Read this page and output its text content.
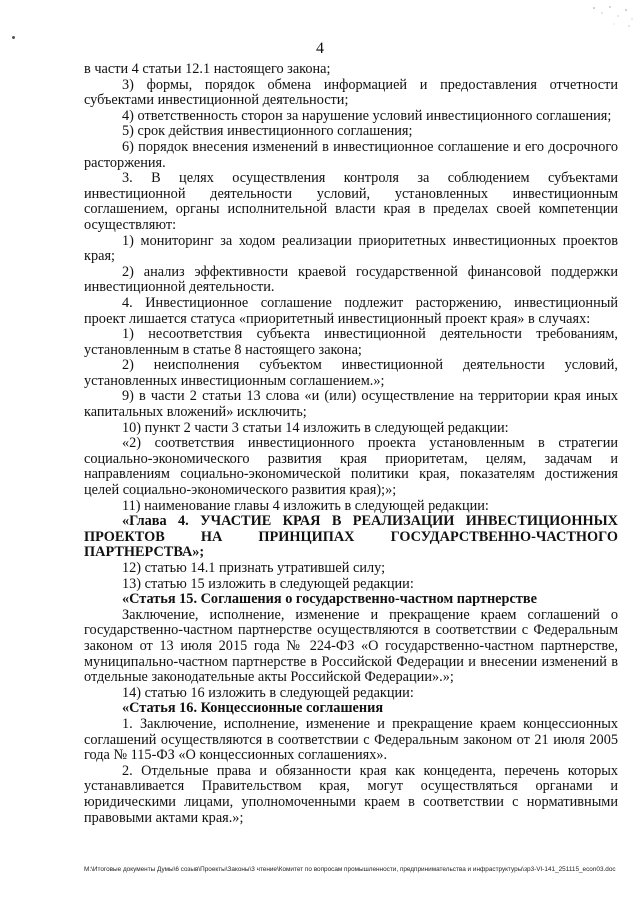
4

в части 4 статьи 12.1 настоящего закона;

3) формы, порядок обмена информацией и предоставления отчетности субъектами инвестиционной деятельности;

4) ответственность сторон за нарушение условий инвестиционного соглашения;

5) срок действия инвестиционного соглашения;

6) порядок внесения изменений в инвестиционное соглашение и его досрочного расторжения.

3. В целях осуществления контроля за соблюдением субъектами инвестиционной деятельности условий, установленных инвестиционным соглашением, органы исполнительной власти края в пределах своей компетенции осуществляют:

1) мониторинг за ходом реализации приоритетных инвестиционных проектов края;

2) анализ эффективности краевой государственной финансовой поддержки инвестиционной деятельности.

4. Инвестиционное соглашение подлежит расторжению, инвестиционный проект лишается статуса «приоритетный инвестиционный проект края» в случаях:

1) несоответствия субъекта инвестиционной деятельности требованиям, установленным в статье 8 настоящего закона;

2) неисполнения субъектом инвестиционной деятельности условий, установленных инвестиционным соглашением.»;

9) в части 2 статьи 13 слова «и (или) осуществление на территории края иных капитальных вложений» исключить;

10) пункт 2 части 3 статьи 14 изложить в следующей редакции:

«2) соответствия инвестиционного проекта установленным в стратегии социально-экономического развития края приоритетам, целям, задачам и направлениям социально-экономической политики края, показателям достижения целей социально-экономического развития края);»;

11) наименование главы 4 изложить в следующей редакции:

«Глава 4. УЧАСТИЕ КРАЯ В РЕАЛИЗАЦИИ ИНВЕСТИЦИОННЫХ ПРОЕКТОВ НА ПРИНЦИПАХ ГОСУДАРСТВЕННО-ЧАСТНОГО ПАРТНЕРСТВА»;

12) статью 14.1 признать утратившей силу;

13) статью 15 изложить в следующей редакции:

«Статья 15. Соглашения о государственно-частном партнерстве

Заключение, исполнение, изменение и прекращение краем соглашений о государственно-частном партнерстве осуществляются в соответствии с Федеральным законом от 13 июля 2015 года № 224-ФЗ «О государственно-частном партнерстве, муниципально-частном партнерстве в Российской Федерации и внесении изменений в отдельные законодательные акты Российской Федерации».»;

14) статью 16 изложить в следующей редакции:

«Статья 16. Концессионные соглашения

1. Заключение, исполнение, изменение и прекращение краем концессионных соглашений осуществляются в соответствии с Федеральным законом от 21 июля 2005 года № 115-ФЗ «О концессионных соглашениях».

2. Отдельные права и обязанности края как концедента, перечень которых устанавливается Правительством края, могут осуществляться органами и юридическими лицами, уполномоченными краем в соответствии с нормативными правовыми актами края.»;

M:\Итоговые документы Думы\6 созыв\Проекты\Законы\3 чтение\Комитет по вопросам промышленности, предпринимательства и инфраструктуры\зр3-VI-141_251115_econ03.doc
